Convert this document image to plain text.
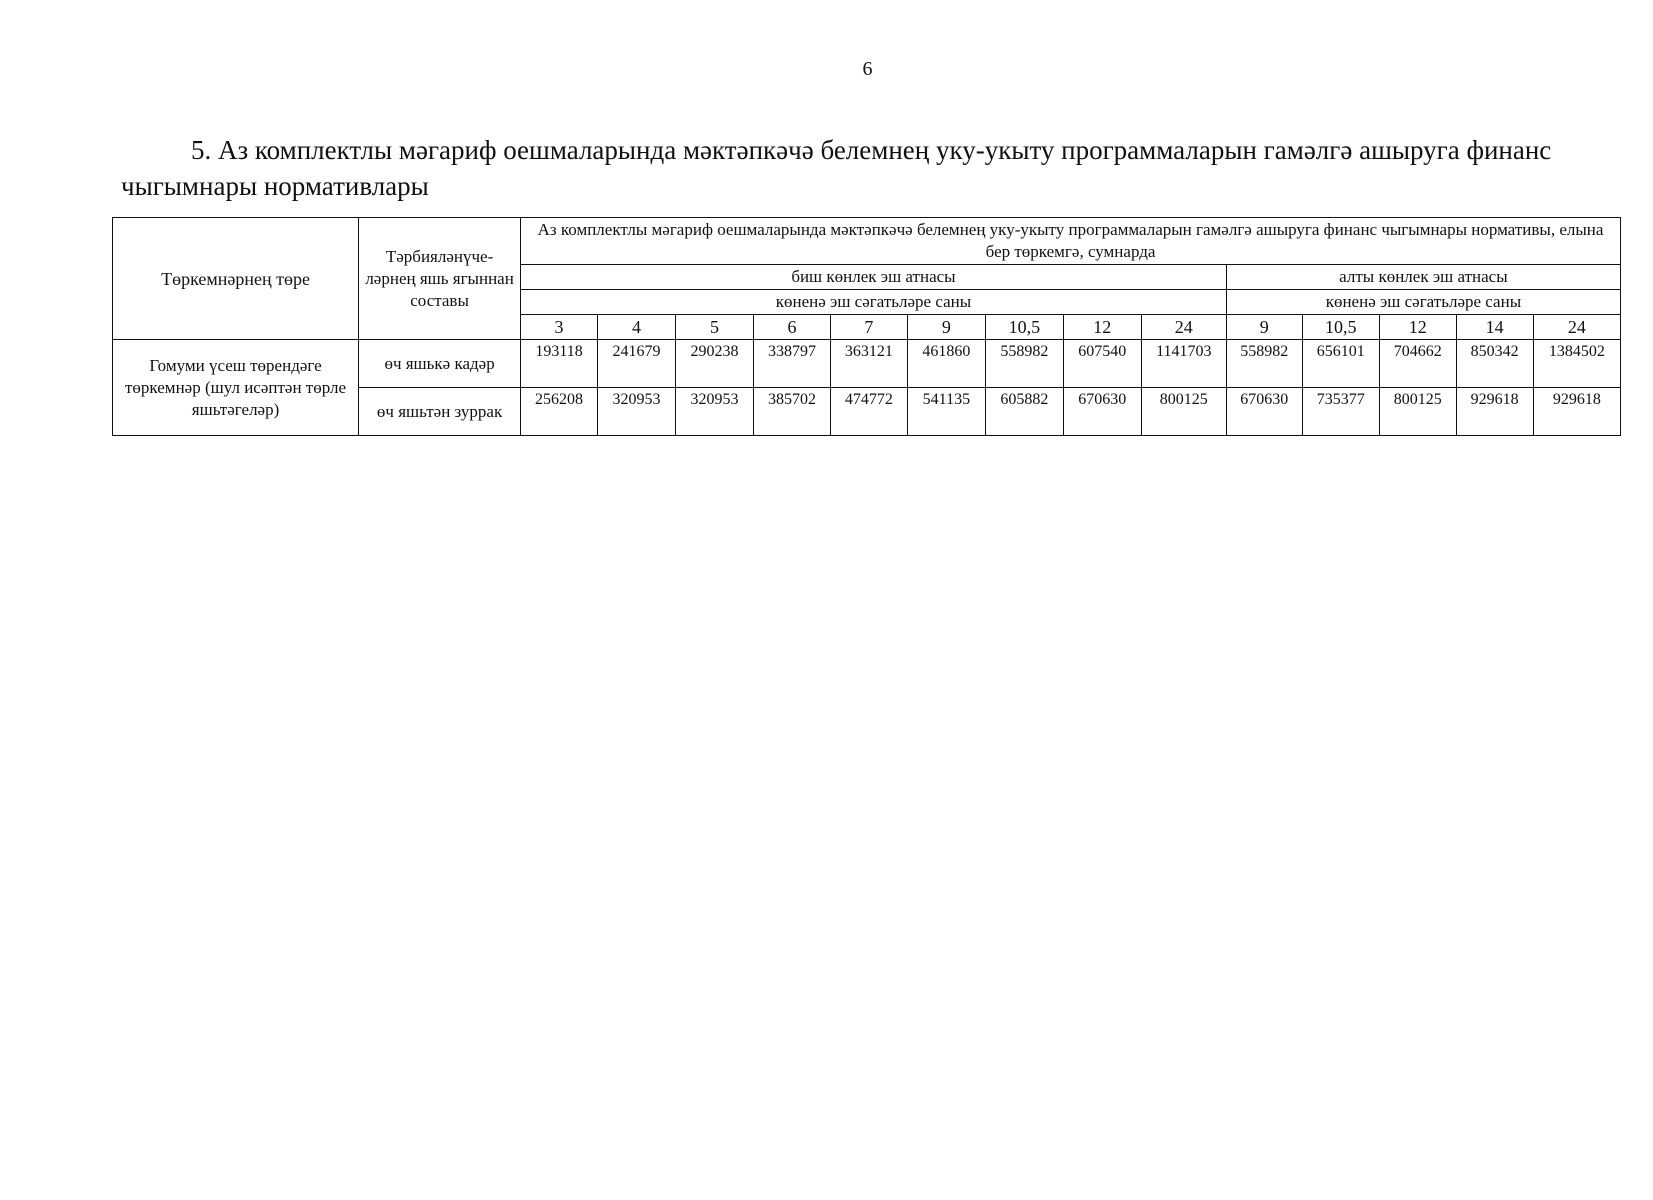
6
5. Аз комплектлы мәгариф оешмаларында мәктәпкәчә белемнең уку-укыту программаларын гамәлгә ашыруга финанс чыгымнары нормативлары
Төркемнәрнең төре	Тәрбияләнүче-ләрнең яшь ягыннан составы	Аз комплектлы мәгариф оешмаларында мәктәпкәчә белемнең уку-укыту программаларын гамәлгә ашыруга финанс чыгымнары нормативы, елына бер төркемгә, сумнарда													
		биш көнлек эш атнасы									алты көнлек эш атнасы				
		көненә эш сәгатьләре саны									көненә эш сәгатьләре саны				
		3	4	5	6	7	9	10,5	12	24	9	10,5	12	14	24
Гомуми үсеш төрендәге төркемнәр (шул исәптән төрле яшьтәгеләр)	өч яшькә кадәр	193118	241679	290238	338797	363121	461860	558982	607540	1141703	558982	656101	704662	850342	1384502
	өч яшьтән зуррак	256208	320953	320953	385702	474772	541135	605882	670630	800125	670630	735377	800125	929618	929618
